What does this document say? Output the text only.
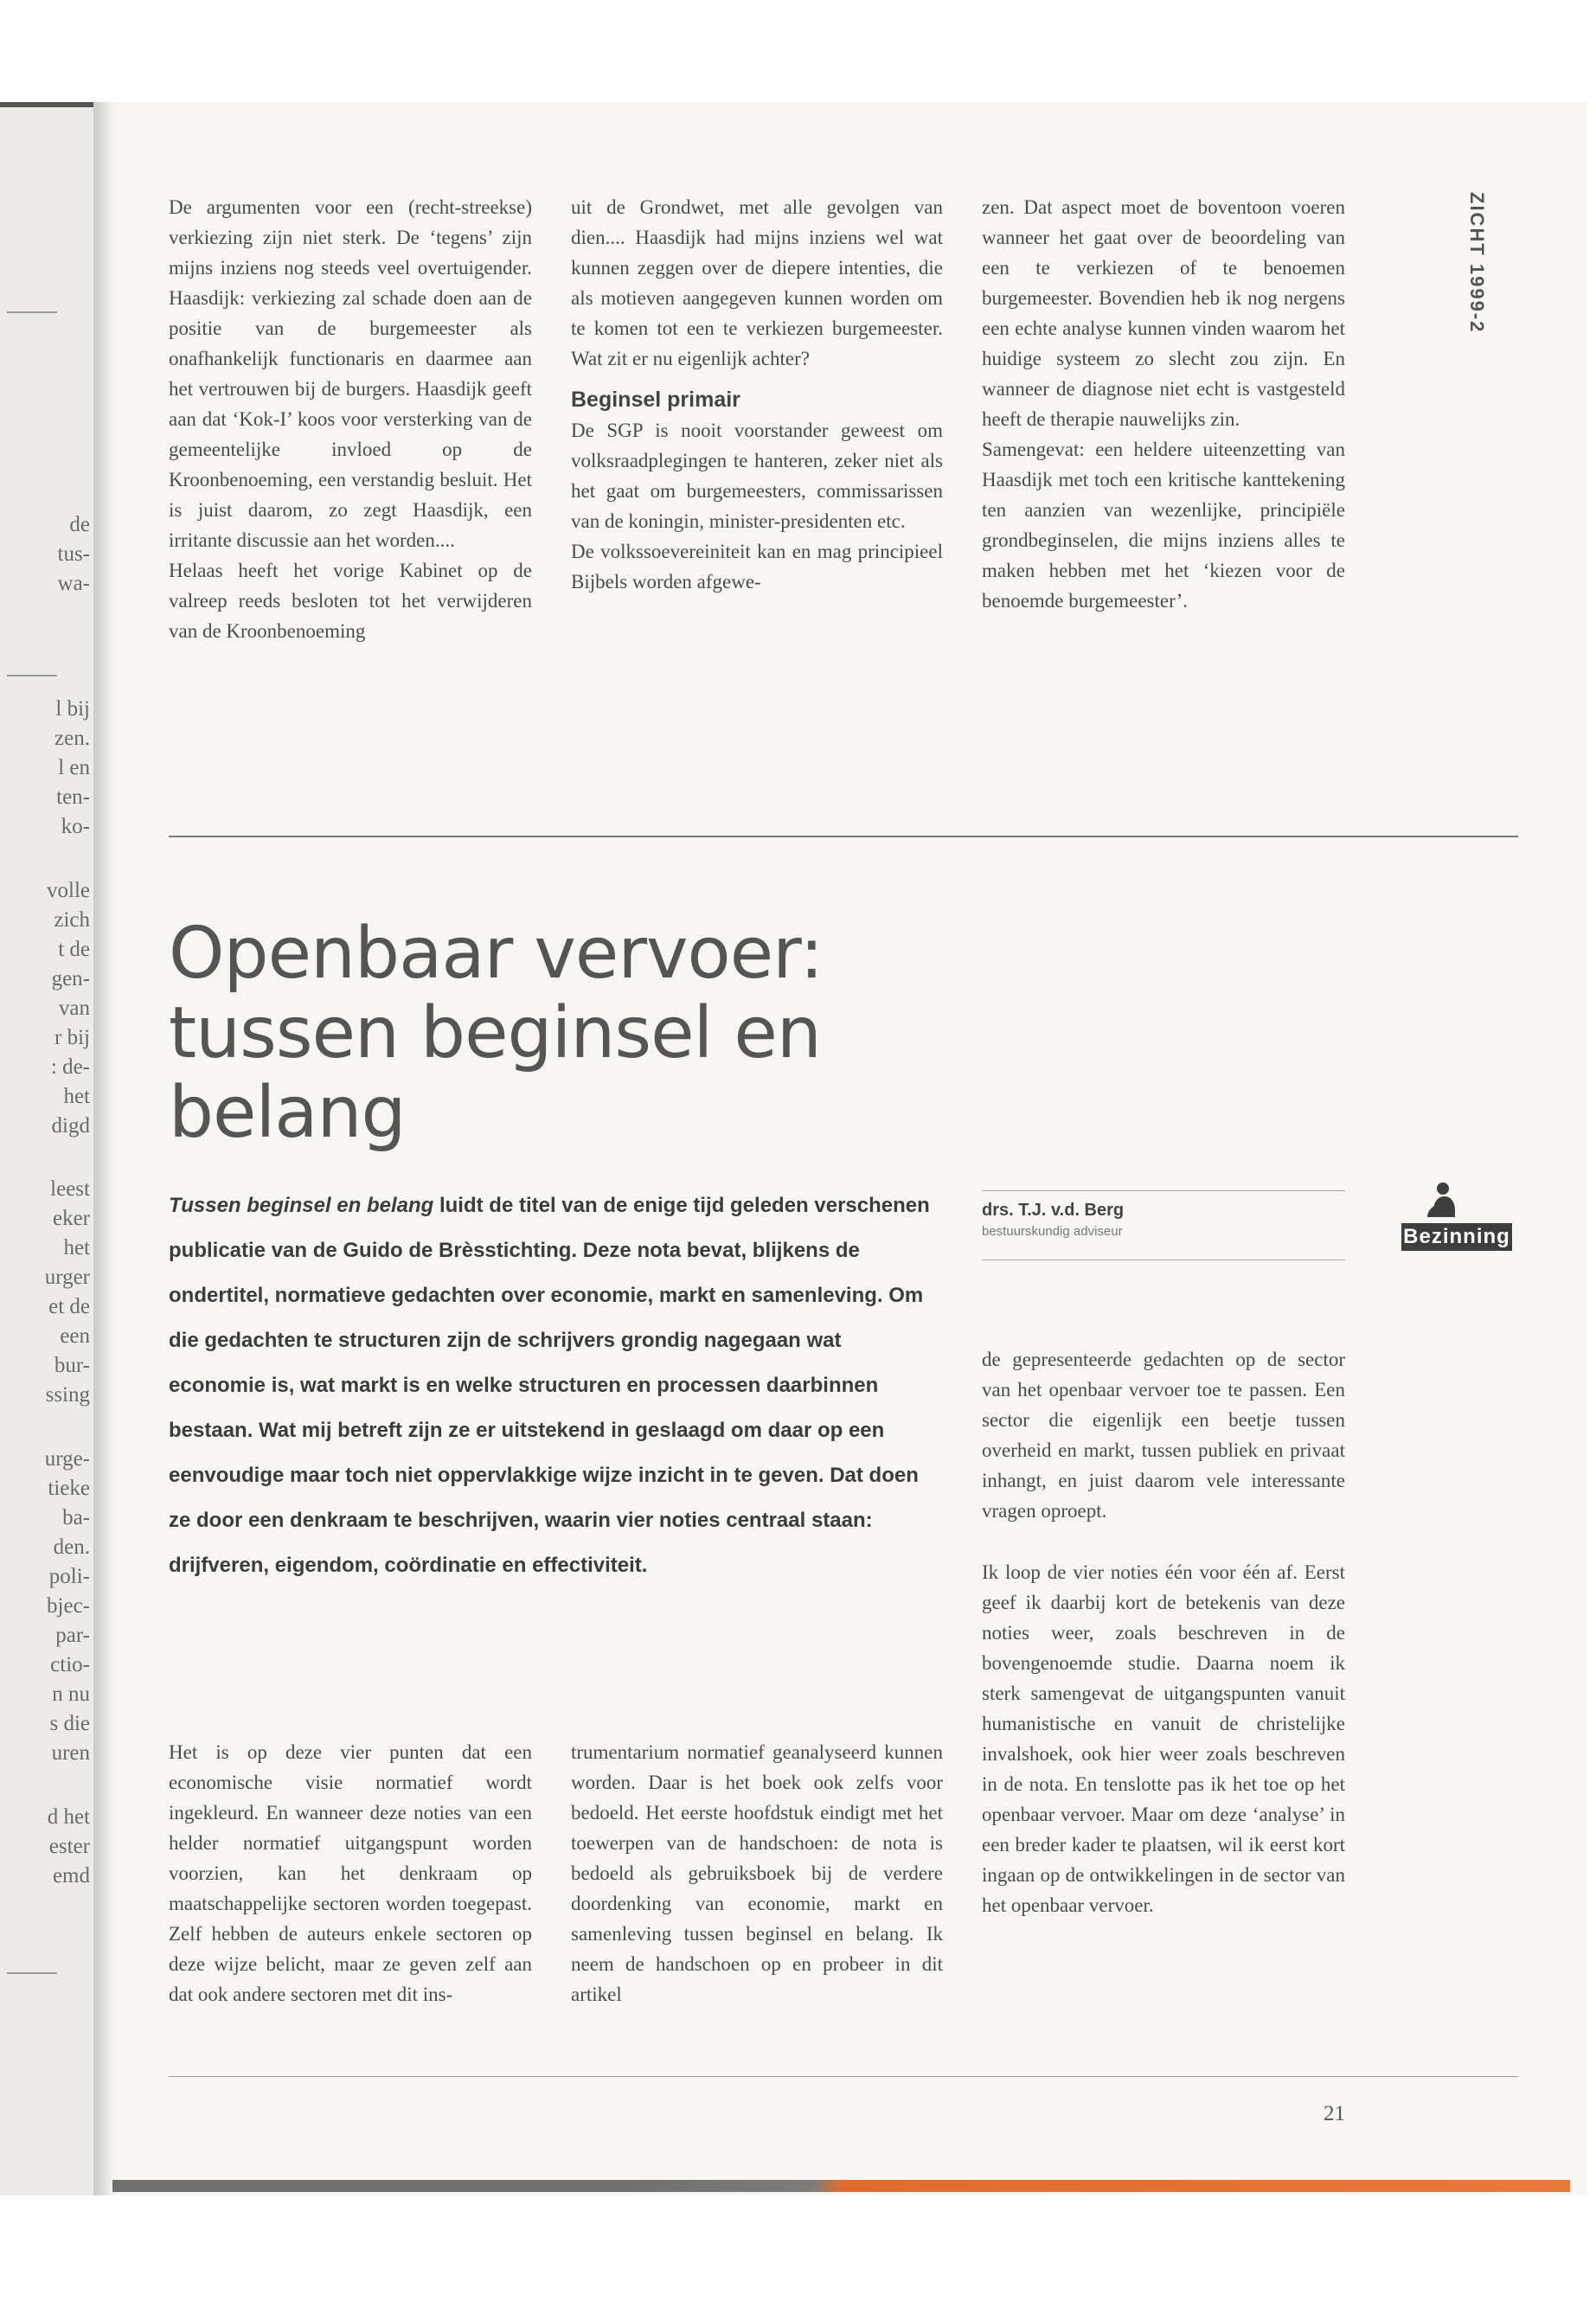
de
tus-
wa-
l bij
zen.
l en
ten-
ko-
volle
zich
t de
gen-
van
r bij
: de-
het
digd
leest
eker
het
urger
et de
een
bur-
ssing
urge-
tieke
ba-
den.
poli-
bjec-
par-
ctio-
n nu
s die
uren
d het
ester
emd
ZICHT 1999-2

De argumenten voor een (recht-streekse) verkiezing zijn niet sterk. De ‘tegens’ zijn mijns inziens nog steeds veel overtuigender. Haasdijk: verkiezing zal schade doen aan de positie van de burgemeester als onafhankelijk functionaris en daarmee aan het vertrouwen bij de burgers. Haasdijk geeft aan dat ‘Kok-I’ koos voor versterking van de gemeentelijke invloed op de Kroonbenoeming, een verstandig besluit. Het is juist daarom, zo zegt Haasdijk, een irritante discussie aan het worden....

Helaas heeft het vorige Kabinet op de valreep reeds besloten tot het verwijderen van de Kroonbenoeming

uit de Grondwet, met alle gevolgen van dien.... Haasdijk had mijns inziens wel wat kunnen zeggen over de diepere intenties, die als motieven aangegeven kunnen worden om te komen tot een te verkiezen burgemeester. Wat zit er nu eigenlijk achter?

Beginsel primair

De SGP is nooit voorstander geweest om volksraadplegingen te hanteren, zeker niet als het gaat om burgemeesters, commissarissen van de koningin, minister-presidenten etc.

De volkssoevereiniteit kan en mag principieel Bijbels worden afgewe-

zen. Dat aspect moet de boventoon voeren wanneer het gaat over de beoordeling van een te verkiezen of te benoemen burgemeester. Bovendien heb ik nog nergens een echte analyse kunnen vinden waarom het huidige systeem zo slecht zou zijn. En wanneer de diagnose niet echt is vastgesteld heeft de therapie nauwelijks zin.

Samengevat: een heldere uiteenzetting van Haasdijk met toch een kritische kanttekening ten aanzien van wezenlijke, principiële grondbeginselen, die mijns inziens alles te maken hebben met het ‘kiezen voor de benoemde burgemeester’.

Openbaar vervoer:
tussen beginsel en belang

Tussen beginsel en belang luidt de titel van de enige tijd geleden verschenen publicatie van de Guido de Brèsstichting. Deze nota bevat, blijkens de ondertitel, normatieve gedachten over economie, markt en samenleving. Om die gedachten te structuren zijn de schrijvers grondig nagegaan wat economie is, wat markt is en welke structuren en processen daarbinnen bestaan. Wat mij betreft zijn ze er uitstekend in geslaagd om daar op een eenvoudige maar toch niet oppervlakkige wijze inzicht in te geven. Dat doen ze door een denkraam te beschrijven, waarin vier noties centraal staan: drijfveren, eigendom, coördinatie en effectiviteit.

drs. T.J. v.d. Berg
bestuurskundig adviseur	Bezinning

de gepresenteerde gedachten op de sector van het openbaar vervoer toe te passen. Een sector die eigenlijk een beetje tussen overheid en markt, tussen publiek en privaat inhangt, en juist daarom vele interessante vragen oproept.

Ik loop de vier noties één voor één af. Eerst geef ik daarbij kort de betekenis van deze noties weer, zoals beschreven in de bovengenoemde studie. Daarna noem ik sterk samengevat de uitgangspunten vanuit humanistische en vanuit de christelijke invalshoek, ook hier weer zoals beschreven in de nota. En tenslotte pas ik het toe op het openbaar vervoer. Maar om deze ‘analyse’ in een breder kader te plaatsen, wil ik eerst kort ingaan op de ontwikkelingen in de sector van het openbaar vervoer.

Het is op deze vier punten dat een economische visie normatief wordt ingekleurd. En wanneer deze noties van een helder normatief uitgangspunt worden voorzien, kan het denkraam op maatschappelijke sectoren worden toegepast. Zelf hebben de auteurs enkele sectoren op deze wijze belicht, maar ze geven zelf aan dat ook andere sectoren met dit ins-

trumentarium normatief geanalyseerd kunnen worden. Daar is het boek ook zelfs voor bedoeld. Het eerste hoofdstuk eindigt met het toewerpen van de handschoen: de nota is bedoeld als gebruiksboek bij de verdere doordenking van economie, markt en samenleving tussen beginsel en belang. Ik neem de handschoen op en probeer in dit artikel

21
